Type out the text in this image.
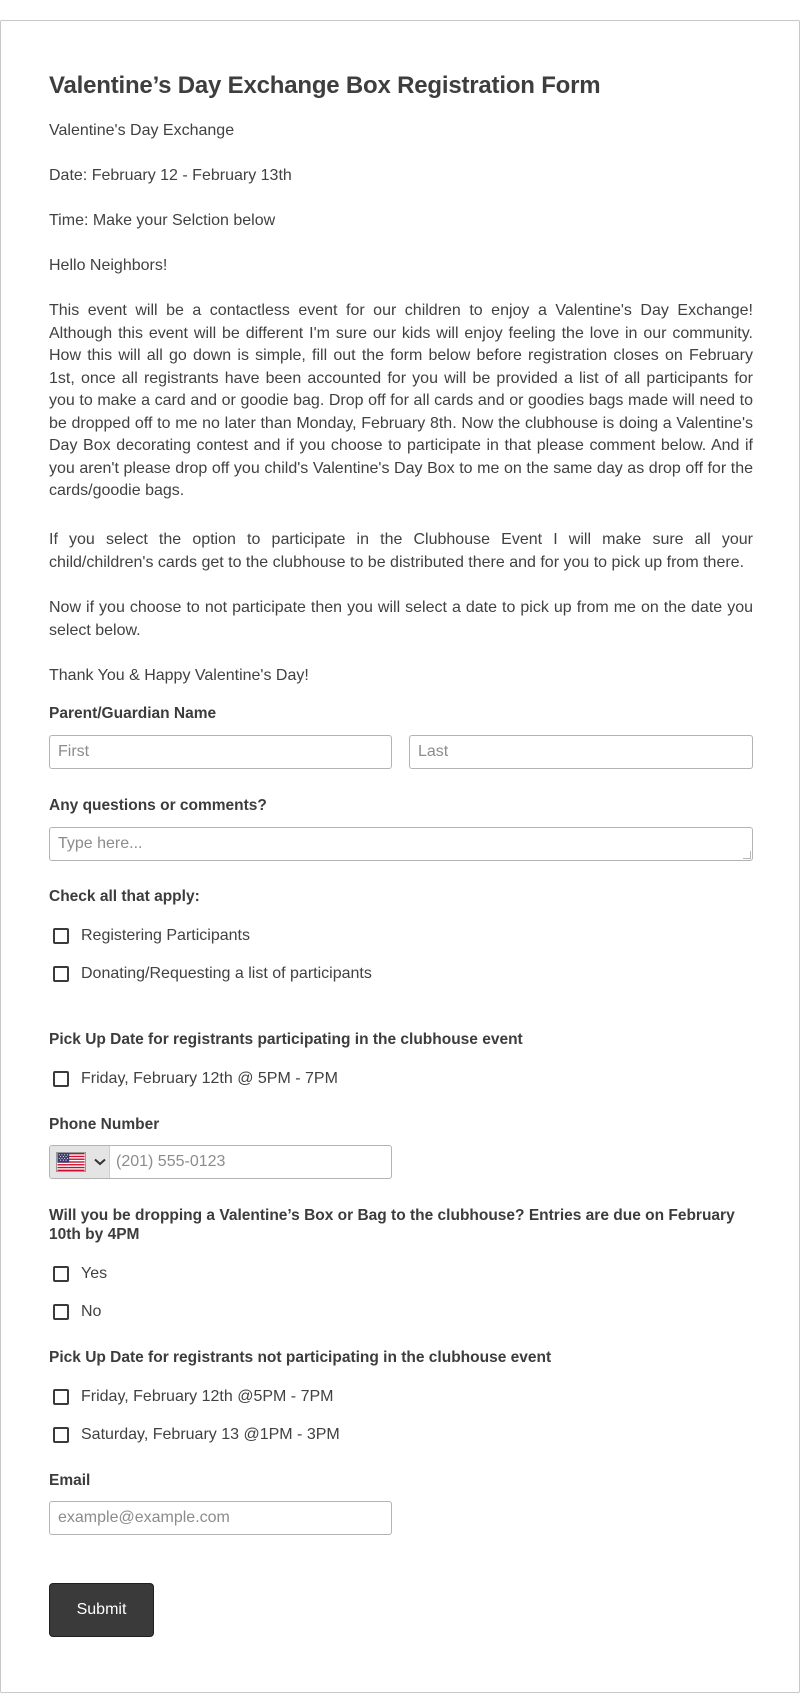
Valentine’s Day Exchange Box Registration Form

Valentine's Day Exchange

Date: February 12 - February 13th

Time: Make your Selction below

Hello Neighbors!

This event will be a contactless event for our children to enjoy a Valentine's Day Exchange! Although this event will be different I'm sure our kids will enjoy feeling the love in our community. How this will all go down is simple, fill out the form below before registration closes on February 1st, once all registrants have been accounted for you will be provided a list of all participants for you to make a card and or goodie bag. Drop off for all cards and or goodies bags made will need to be dropped off to me no later than Monday, February 8th. Now the clubhouse is doing a Valentine's Day Box decorating contest and if you choose to participate in that please comment below. And if you aren't please drop off you child's Valentine's Day Box to me on the same day as drop off for the cards/goodie bags.

If you select the option to participate in the Clubhouse Event I will make sure all your child/children's cards get to the clubhouse to be distributed there and for you to pick up from there.

Now if you choose to not participate then you will select a date to pick up from me on the date you select below.

Thank You & Happy Valentine's Day!

Parent/Guardian Name
First
Last
Any questions or comments?
Type here...
Check all that apply:
Registering Participants
Donating/Requesting a list of participants
Pick Up Date for registrants participating in the clubhouse event
Friday, February 12th @ 5PM - 7PM
Phone Number
(201) 555-0123
Will you be dropping a Valentine’s Box or Bag to the clubhouse? Entries are due on February 10th by 4PM
Yes
No
Pick Up Date for registrants not participating in the clubhouse event
Friday, February 12th @5PM - 7PM
Saturday, February 13 @1PM - 3PM
Email
example@example.com
Submit
